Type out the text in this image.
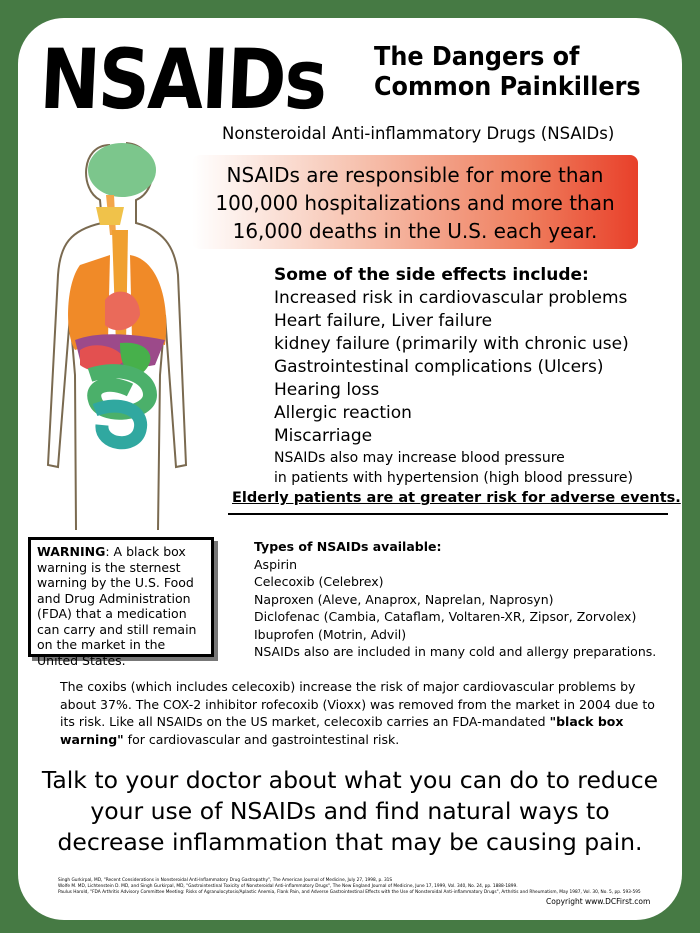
NSAIDs The Dangers of
Common Painkillers
Nonsteroidal Anti-inflammatory Drugs (NSAIDs)
NSAIDs are responsible for more than
100,000 hospitalizations and more than
16,000 deaths in the U.S. each year.
Some of the side effects include:
Increased risk in cardiovascular problems
Heart failure, Liver failure
kidney failure (primarily with chronic use)
Gastrointestinal complications (Ulcers)
Hearing loss
Allergic reaction
Miscarriage
NSAIDs also may increase blood pressure
in patients with hypertension (high blood pressure)
Elderly patients are at greater risk for adverse events.
WARNING: A black box warning is the sternest warning by the U.S. Food and Drug Administration (FDA) that a medication can carry and still remain on the market in the United States.
Types of NSAIDs available:
Aspirin
Celecoxib (Celebrex)
Naproxen (Aleve, Anaprox, Naprelan, Naprosyn)
Diclofenac (Cambia, Cataflam, Voltaren-XR, Zipsor, Zorvolex)
Ibuprofen (Motrin, Advil)
NSAIDs also are included in many cold and allergy preparations.
The coxibs (which includes celecoxib) increase the risk of major cardiovascular problems by about 37%. The COX-2 inhibitor rofecoxib (Vioxx) was removed from the market in 2004 due to its risk. Like all NSAIDs on the US market, celecoxib carries an FDA-mandated "black box warning" for cardiovascular and gastrointestinal risk.
Talk to your doctor about what you can do to reduce your use of NSAIDs and find natural ways to decrease inflammation that may be causing pain.
Singh Gurkirpal, MD, "Recent Considerations in Nonsteroidal Anti-Inflammatory Drug Gastropathy", The American Journal of Medicine, July 27, 1998, p. 31S
Wolfe M. MD, Lichtenstein D. MD, and Singh Gurkirpal, MD, "Gastrointestinal Toxicity of Nonsteroidal Anti-inflammatory Drugs", The New England Journal of Medicine, June 17, 1999, Vol. 340, No. 24, pp. 1888-1899.
Paulus Harold, "FDA Arthritis Advisory Committee Meeting: Risks of Agranulocytosis/Aplastic Anemia, Flank Pain, and Adverse Gastrointestinal Effects with the Use of Nonsteroidal Anti-inflammatory Drugs", Arthritis and Rheumatism, May 1987, Vol. 30, No. 5, pp. 593-595
Copyright www.DCFirst.com
